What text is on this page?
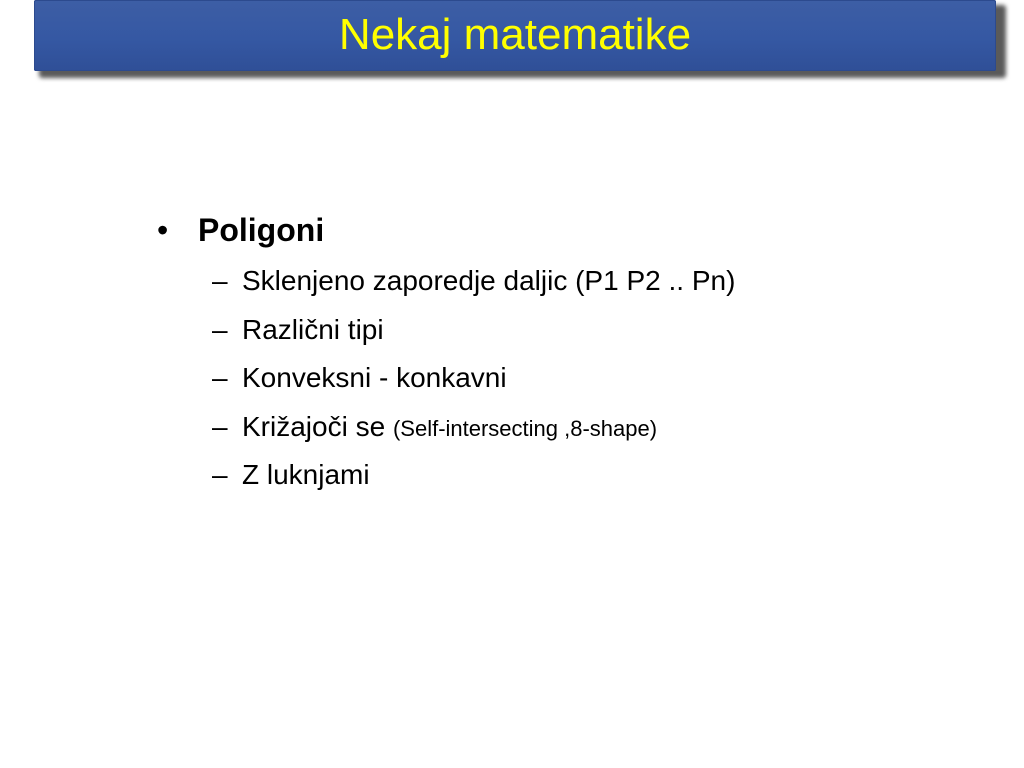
Nekaj matematike
• Poligoni
– Sklenjeno zaporedje daljic (P1 P2 .. Pn)
– Različni tipi
– Konveksni - konkavni
– Križajoči se (Self-intersecting ,8-shape)
– Z luknjami
